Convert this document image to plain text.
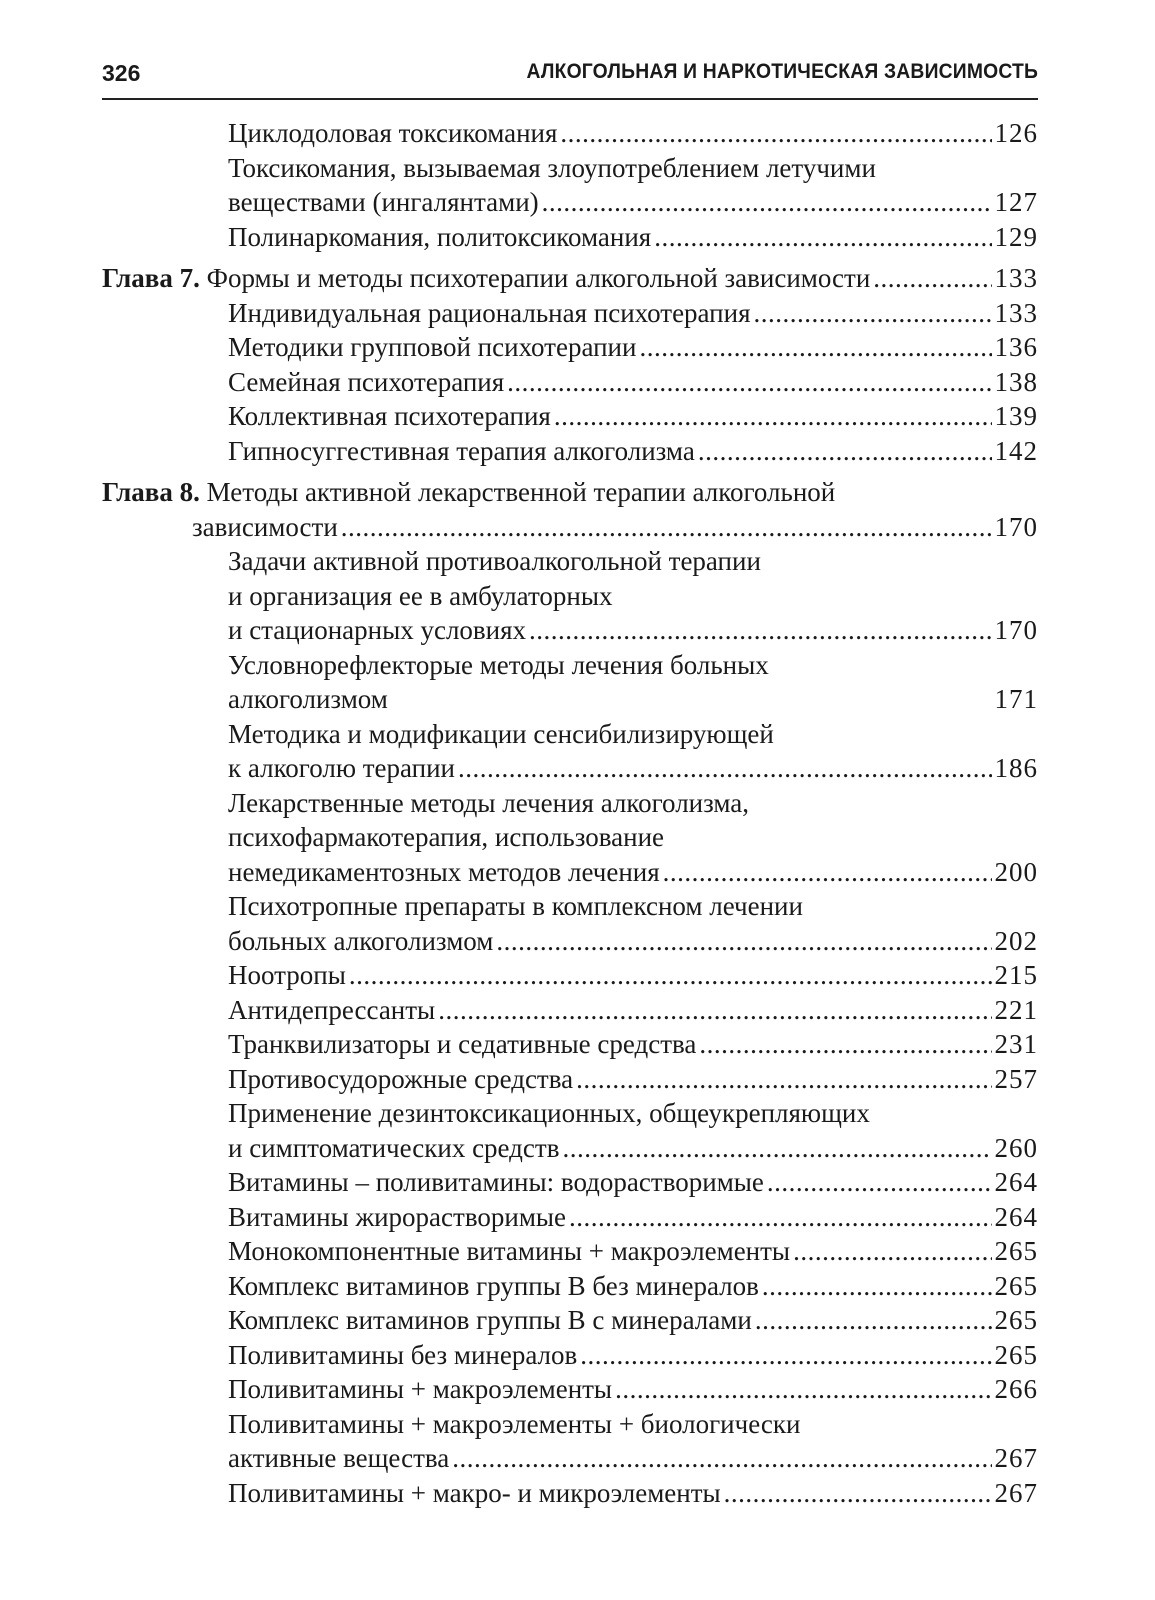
326	АЛКОГОЛЬНАЯ И НАРКОТИЧЕСКАЯ ЗАВИСИМОСТЬ
Циклодоловая токсикомания .....	126
Токсикомания, вызываемая злоупотреблением летучими
веществами (ингалянтами) .....	127
Полинаркомания, политоксикомания .....	129
Глава 7. Формы и методы психотерапии алкогольной зависимости .....	133
Индивидуальная рациональная психотерапия .....	133
Методики групповой психотерапии .....	136
Семейная психотерапия .....	138
Коллективная психотерапия .....	139
Гипносуггестивная терапия алкоголизма .....	142
Глава 8. Методы активной лекарственной терапии алкогольной
зависимости .....	170
Задачи активной противоалкогольной терапии
и организация ее в амбулаторных
и стационарных условиях .....	170
Условнорефлекторые методы лечения больных
алкоголизмом	171
Методика и модификации сенсибилизирующей
к алкоголю терапии .....	186
Лекарственные методы лечения алкоголизма,
психофармакотерапия, использование
немедикаментозных методов лечения .....	200
Психотропные препараты в комплексном лечении
больных алкоголизмом .....	202
Ноотропы .....	215
Антидепрессанты .....	221
Транквилизаторы и седативные средства .....	231
Противосудорожные средства .....	257
Применение дезинтоксикационных, общеукрепляющих
и симптоматических средств .....	260
Витамины – поливитамины: водорастворимые .....	264
Витамины жирорастворимые .....	264
Монокомпонентные витамины + макроэлементы .....	265
Комплекс витаминов группы В без минералов .....	265
Комплекс витаминов группы В с минералами .....	265
Поливитамины без минералов .....	265
Поливитамины + макроэлементы .....	266
Поливитамины + макроэлементы + биологически
активные вещества .....	267
Поливитамины + макро- и микроэлементы .....	267
